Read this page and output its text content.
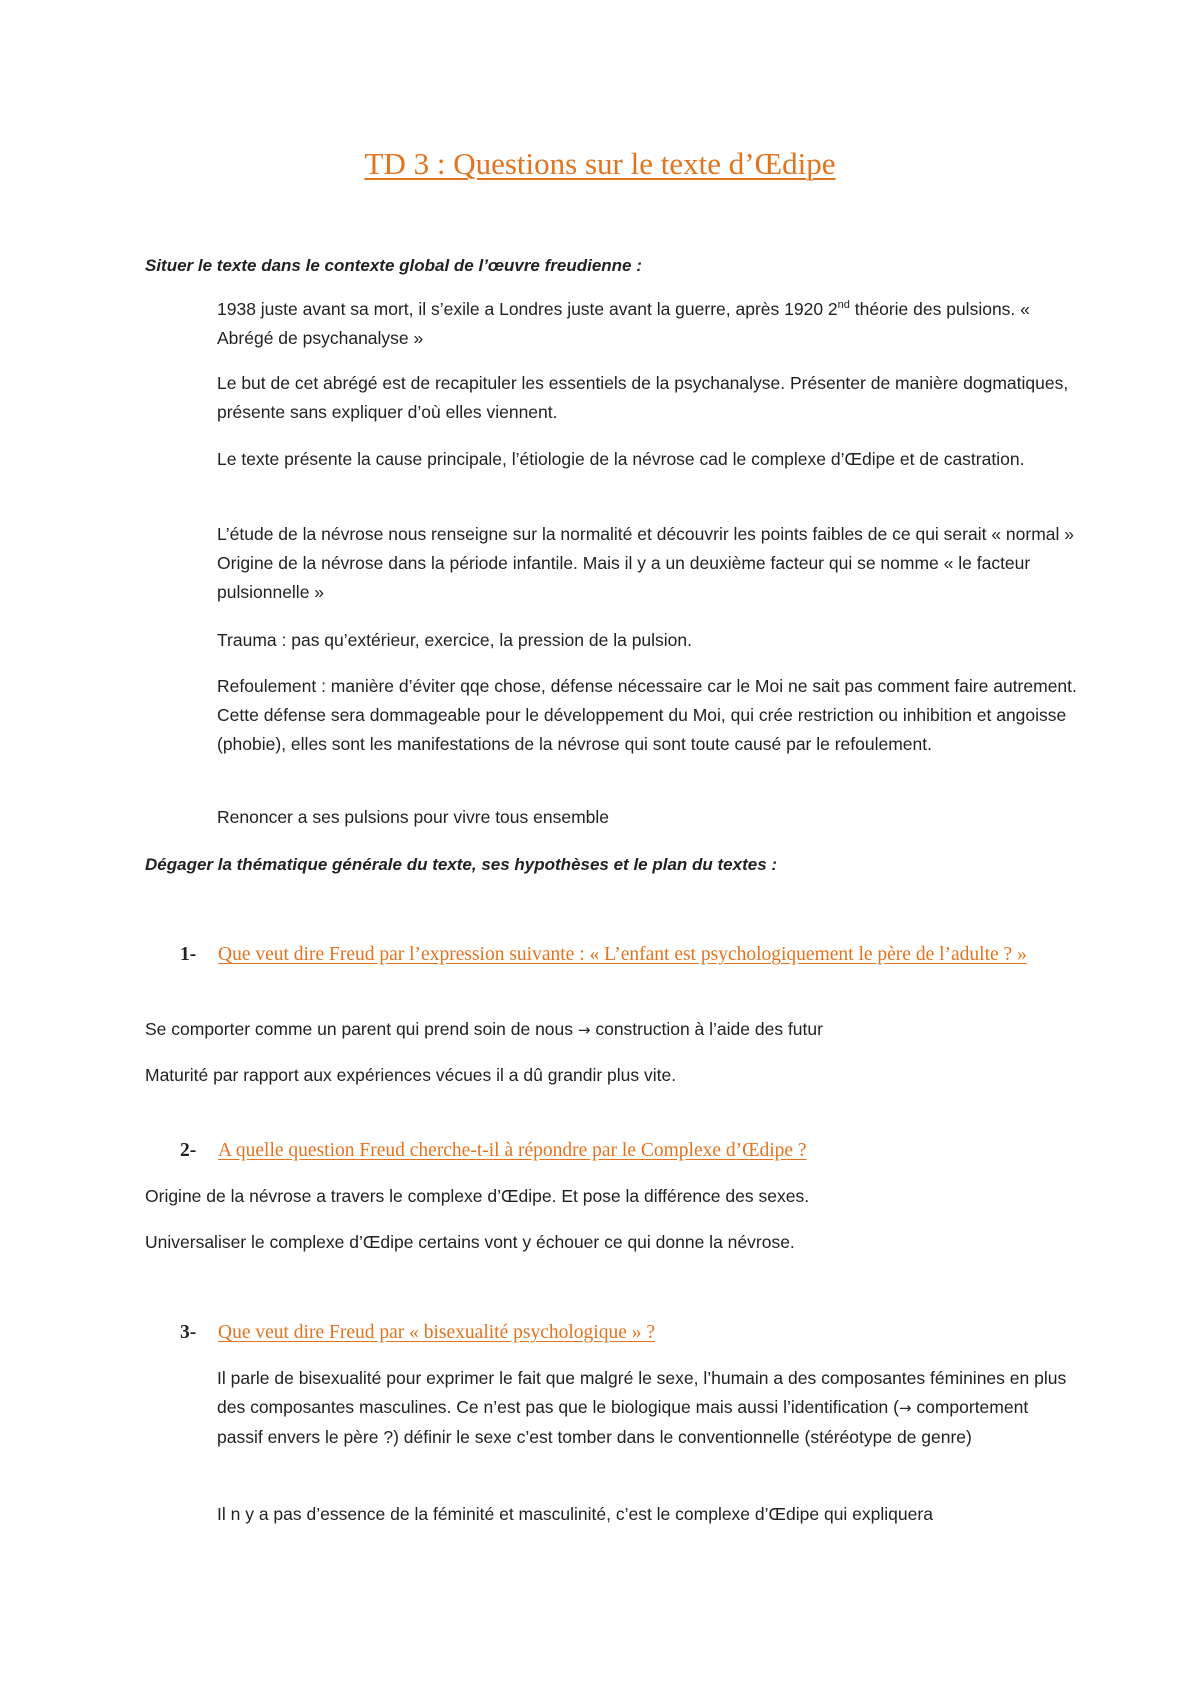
TD 3 : Questions sur le texte d’Œdipe
Situer le texte dans le contexte global de l’œuvre freudienne :
1938 juste avant sa mort, il s’exile a Londres juste avant la guerre, après 1920 2nd théorie des pulsions. « Abrégé de psychanalyse »
Le but de cet abrégé est de recapituler les essentiels de la psychanalyse. Présenter de manière dogmatiques, présente sans expliquer d’où elles viennent.
Le texte présente la cause principale, l’étiologie de la névrose cad le complexe d’Œdipe et de castration.
L’étude de la névrose nous renseigne sur la normalité et découvrir les points faibles de ce qui serait « normal » Origine de la névrose dans la période infantile. Mais il y a un deuxième facteur qui se nomme « le facteur pulsionnelle »
Trauma : pas qu’extérieur, exercice, la pression de la pulsion.
Refoulement : manière d’éviter qqe chose, défense nécessaire car le Moi ne sait pas comment faire autrement. Cette défense sera dommageable pour le développement du Moi, qui crée restriction ou inhibition et angoisse (phobie), elles sont les manifestations de la névrose qui sont toute causé par le refoulement.
Renoncer a ses pulsions pour vivre tous ensemble
Dégager la thématique générale du texte, ses hypothèses et le plan du textes :
1- Que veut dire Freud par l’expression suivante : « L’enfant est psychologiquement le père de l’adulte ? »
Se comporter comme un parent qui prend soin de nous → construction à l’aide des futur
Maturité par rapport aux expériences vécues il a dû grandir plus vite.
2- A quelle question Freud cherche-t-il à répondre par le Complexe d’Œdipe ?
Origine de la névrose a travers le complexe d’Œdipe. Et pose la différence des sexes.
Universaliser le complexe d’Œdipe certains vont y échouer ce qui donne la névrose.
3- Que veut dire Freud par « bisexualité psychologique » ?
Il parle de bisexualité pour exprimer le fait que malgré le sexe, l’humain a des composantes féminines en plus des composantes masculines. Ce n’est pas que le biologique mais aussi l’identification (→ comportement passif envers le père ?) définir le sexe c’est tomber dans le conventionnelle (stéréotype de genre)
Il n y a pas d’essence de la féminité et masculinité, c’est le complexe d’Œdipe qui expliquera
